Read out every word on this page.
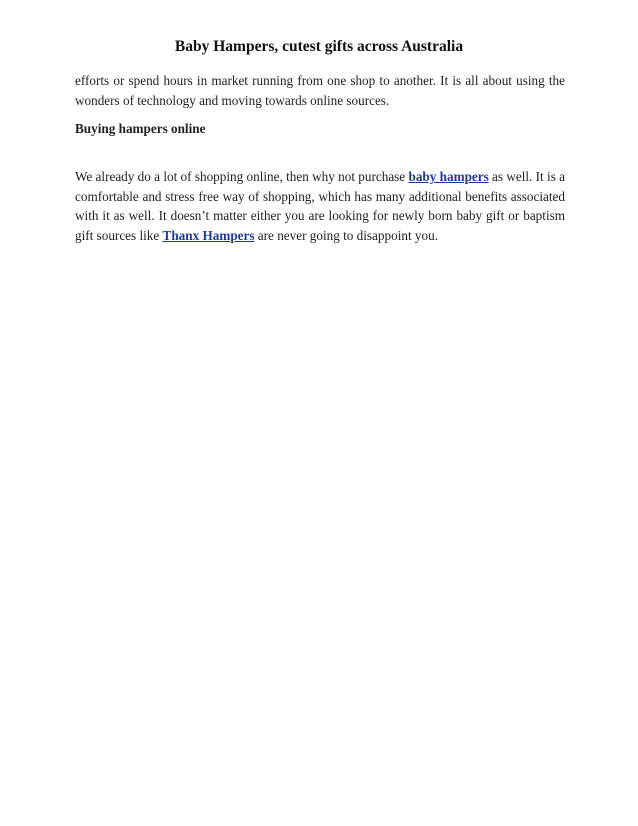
Baby Hampers, cutest gifts across Australia
efforts or spend hours in market running from one shop to another. It is all about using the wonders of technology and moving towards online sources.
Buying hampers online
We already do a lot of shopping online, then why not purchase baby hampers as well. It is a comfortable and stress free way of shopping, which has many additional benefits associated with it as well. It doesn’t matter either you are looking for newly born baby gift or baptism gift sources like Thanx Hampers are never going to disappoint you.
